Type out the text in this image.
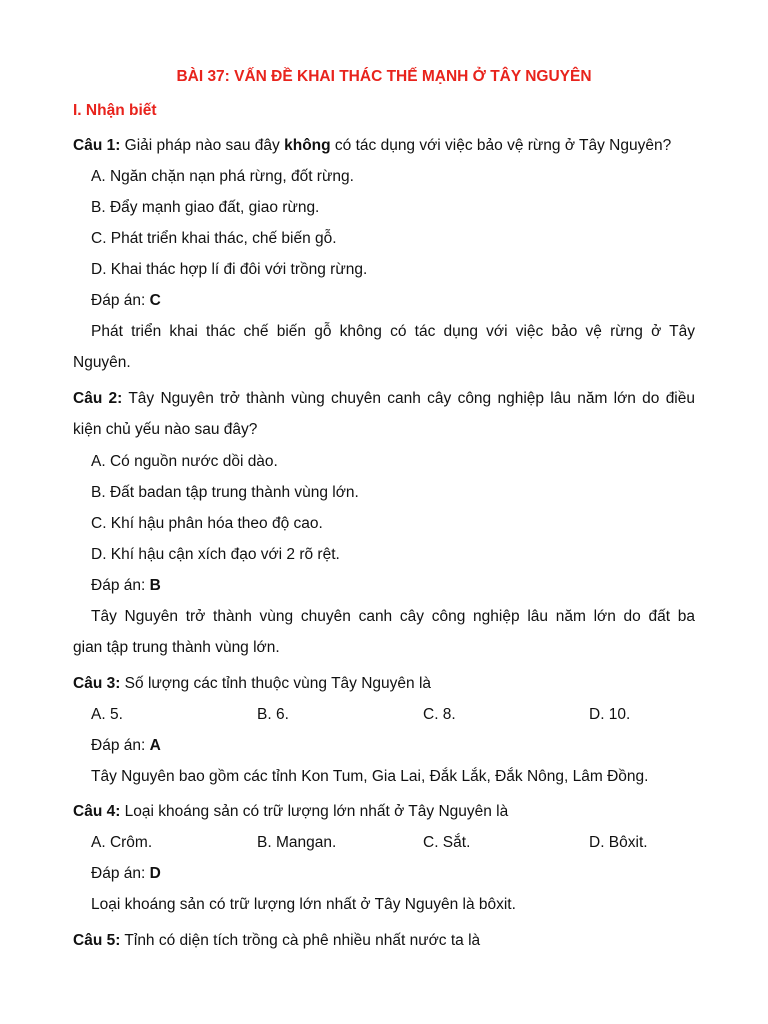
BÀI 37: VẤN ĐỀ KHAI THÁC THẾ MẠNH Ở TÂY NGUYÊN
I. Nhận biết
Câu 1: Giải pháp nào sau đây không có tác dụng với việc bảo vệ rừng ở Tây Nguyên?
A. Ngăn chặn nạn phá rừng, đốt rừng.
B. Đẩy mạnh giao đất, giao rừng.
C. Phát triển khai thác, chế biến gỗ.
D. Khai thác hợp lí đi đôi với trồng rừng.
Đáp án: C
Phát triển khai thác chế biến gỗ không có tác dụng với việc bảo vệ rừng ở Tây
Nguyên.
Câu 2: Tây Nguyên trở thành vùng chuyên canh cây công nghiệp lâu năm lớn do điều
kiện chủ yếu nào sau đây?
A. Có nguồn nước dồi dào.
B. Đất badan tập trung thành vùng lớn.
C. Khí hậu phân hóa theo độ cao.
D. Khí hậu cận xích đạo với 2 rõ rệt.
Đáp án: B
Tây Nguyên trở thành vùng chuyên canh cây công nghiệp lâu năm lớn do đất ba
gian tập trung thành vùng lớn.
Câu 3: Số lượng các tỉnh thuộc vùng Tây Nguyên là
A. 5.	B. 6.	C. 8.	D. 10.
Đáp án: A
Tây Nguyên bao gồm các tỉnh Kon Tum, Gia Lai, Đắk Lắk, Đắk Nông, Lâm Đồng.
Câu 4: Loại khoáng sản có trữ lượng lớn nhất ở Tây Nguyên là
A. Crôm.	B. Mangan.	C. Sắt.	D. Bôxit.
Đáp án: D
Loại khoáng sản có trữ lượng lớn nhất ở Tây Nguyên là bôxit.
Câu 5: Tỉnh có diện tích trồng cà phê nhiều nhất nước ta là
